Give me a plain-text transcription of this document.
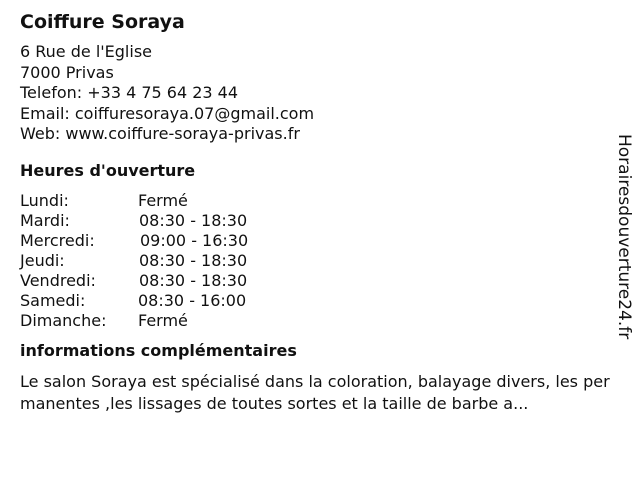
Coiffure Soraya
6 Rue de l'Eglise
7000 Privas
Telefon: +33 4 75 64 23 44
Email: coiffuresoraya.07@gmail.com
Web: www.coiffure-soraya-privas.fr
Heures d'ouverture
Lundi:	Fermé
Mardi:	08:30 - 18:30
Mercredi:	09:00 - 16:30
Jeudi:	08:30 - 18:30
Vendredi:	08:30 - 18:30
Samedi:	08:30 - 16:00
Dimanche: Fermé
informations complémentaires
Le salon Soraya est spécialisé dans la coloration, balayage divers, les permanentes ,les lissages de toutes sortes et la taille de barbe a...
Horairesdouverture24.fr
